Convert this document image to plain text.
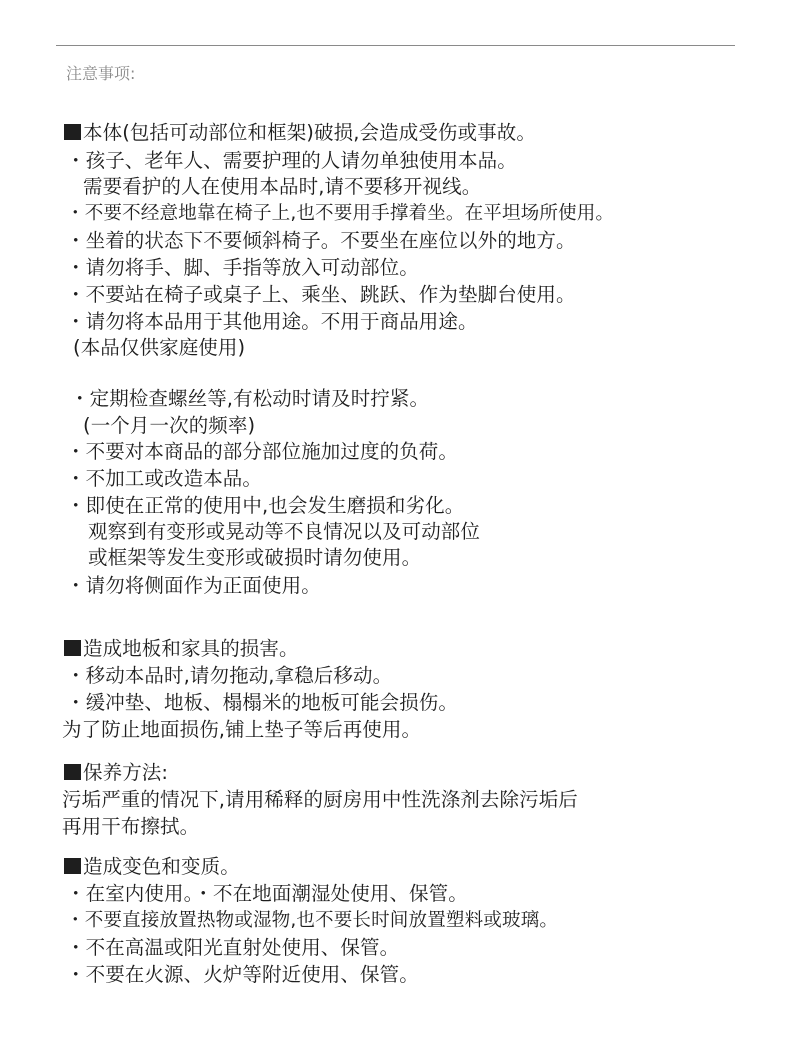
注意事项:
本体(包括可动部位和框架)破损,会造成受伤或事故。
・孩子、老年人、需要护理的人请勿单独使用本品。
需要看护的人在使用本品时,请不要移开视线。
・不要不经意地靠在椅子上,也不要用手撑着坐。在平坦场所使用。
・坐着的状态下不要倾斜椅子。不要坐在座位以外的地方。
・请勿将手、脚、手指等放入可动部位。
・不要站在椅子或桌子上、乘坐、跳跃、作为垫脚台使用。
・请勿将本品用于其他用途。不用于商品用途。
(本品仅供家庭使用)
・定期检查螺丝等,有松动时请及时拧紧。
(一个月一次的频率)
・不要对本商品的部分部位施加过度的负荷。
・不加工或改造本品。
・即使在正常的使用中,也会发生磨损和劣化。
观察到有变形或晃动等不良情况以及可动部位
或框架等发生变形或破损时请勿使用。
・请勿将侧面作为正面使用。
造成地板和家具的损害。
・移动本品时,请勿拖动,拿稳后移动。
・缓冲垫、地板、榻榻米的地板可能会损伤。
为了防止地面损伤,铺上垫子等后再使用。
保养方法:
污垢严重的情况下,请用稀释的厨房用中性洗涤剂去除污垢后
再用干布擦拭。
造成变色和变质。
・在室内使用。・不在地面潮湿处使用、保管。
・不要直接放置热物或湿物,也不要长时间放置塑料或玻璃。
・不在高温或阳光直射处使用、保管。
・不要在火源、火炉等附近使用、保管。
